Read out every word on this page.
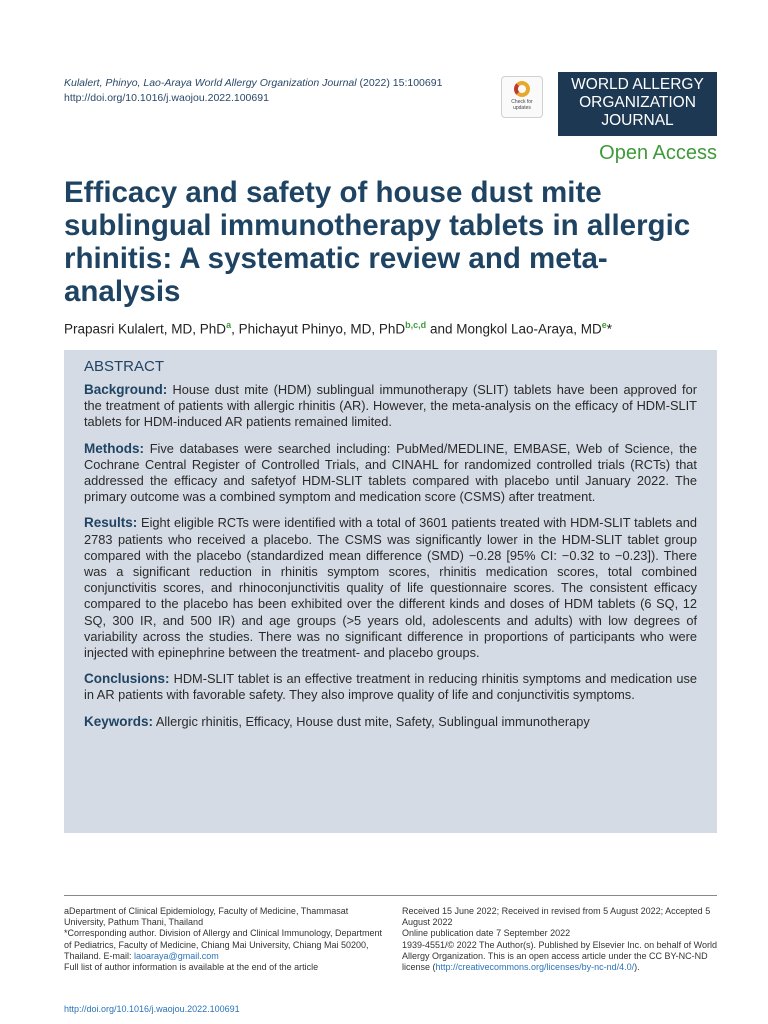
Kulalert, Phinyo, Lao-Araya World Allergy Organization Journal (2022) 15:100691
http://doi.org/10.1016/j.waojou.2022.100691	Check for updates
WORLD ALLERGY
ORGANIZATION
JOURNAL
Open Access
Efficacy and safety of house dust mite sublingual immunotherapy tablets in allergic rhinitis: A systematic review and meta-analysis
Prapasri Kulalert, MD, PhD$^a$, Phichayut Phinyo, MD, PhD$^{b,c,d}$ and Mongkol Lao-Araya, MDe*
ABSTRACT

Background: House dust mite (HDM) sublingual immunotherapy (SLIT) tablets have been approved for the treatment of patients with allergic rhinitis (AR). However, the meta-analysis on the efficacy of HDM-SLIT tablets for HDM-induced AR patients remained limited.

Methods: Five databases were searched including: PubMed/MEDLINE, EMBASE, Web of Science, the Cochrane Central Register of Controlled Trials, and CINAHL for randomized controlled trials (RCTs) that addressed the efficacy and safetyof HDM-SLIT tablets compared with placebo until January 2022. The primary outcome was a combined symptom and medication score (CSMS) after treatment.

Results: Eight eligible RCTs were identified with a total of 3601 patients treated with HDM-SLIT tablets and 2783 patients who received a placebo. The CSMS was significantly lower in the HDM-SLIT tablet group compared with the placebo (standardized mean difference (SMD) −0.28 [95% CI: −0.32 to −0.23]). There was a significant reduction in rhinitis symptom scores, rhinitis medication scores, total combined conjunctivitis scores, and rhinoconjunctivitis quality of life questionnaire scores. The consistent efficacy compared to the placebo has been exhibited over the different kinds and doses of HDM tablets (6 SQ, 12 SQ, 300 IR, and 500 IR) and age groups (>5 years old, adolescents and adults) with low degrees of variability across the studies. There was no significant difference in proportions of participants who were injected with epinephrine between the treatment- and placebo groups.

Conclusions: HDM-SLIT tablet is an effective treatment in reducing rhinitis symptoms and medication use in AR patients with favorable safety. They also improve quality of life and conjunctivitis symptoms.

Keywords: Allergic rhinitis, Efficacy, House dust mite, Safety, Sublingual immunotherapy

aDepartment of Clinical Epidemiology, Faculty of Medicine, Thammasat University, Pathum Thani, Thailand
*Corresponding author. Division of Allergy and Clinical Immunology, Department of Pediatrics, Faculty of Medicine, Chiang Mai University, Chiang Mai 50200, Thailand. E-mail: laoaraya@gmail.com
Full list of author information is available at the end of the article
Received 15 June 2022; Received in revised from 5 August 2022; Accepted 5 August 2022
Online publication date 7 September 2022
1939-4551/© 2022 The Author(s). Published by Elsevier Inc. on behalf of World Allergy Organization. This is an open access article under the CC BY-NC-ND license (http://creativecommons.org/licenses/by-nc-nd/4.0/).
http://doi.org/10.1016/j.waojou.2022.100691
